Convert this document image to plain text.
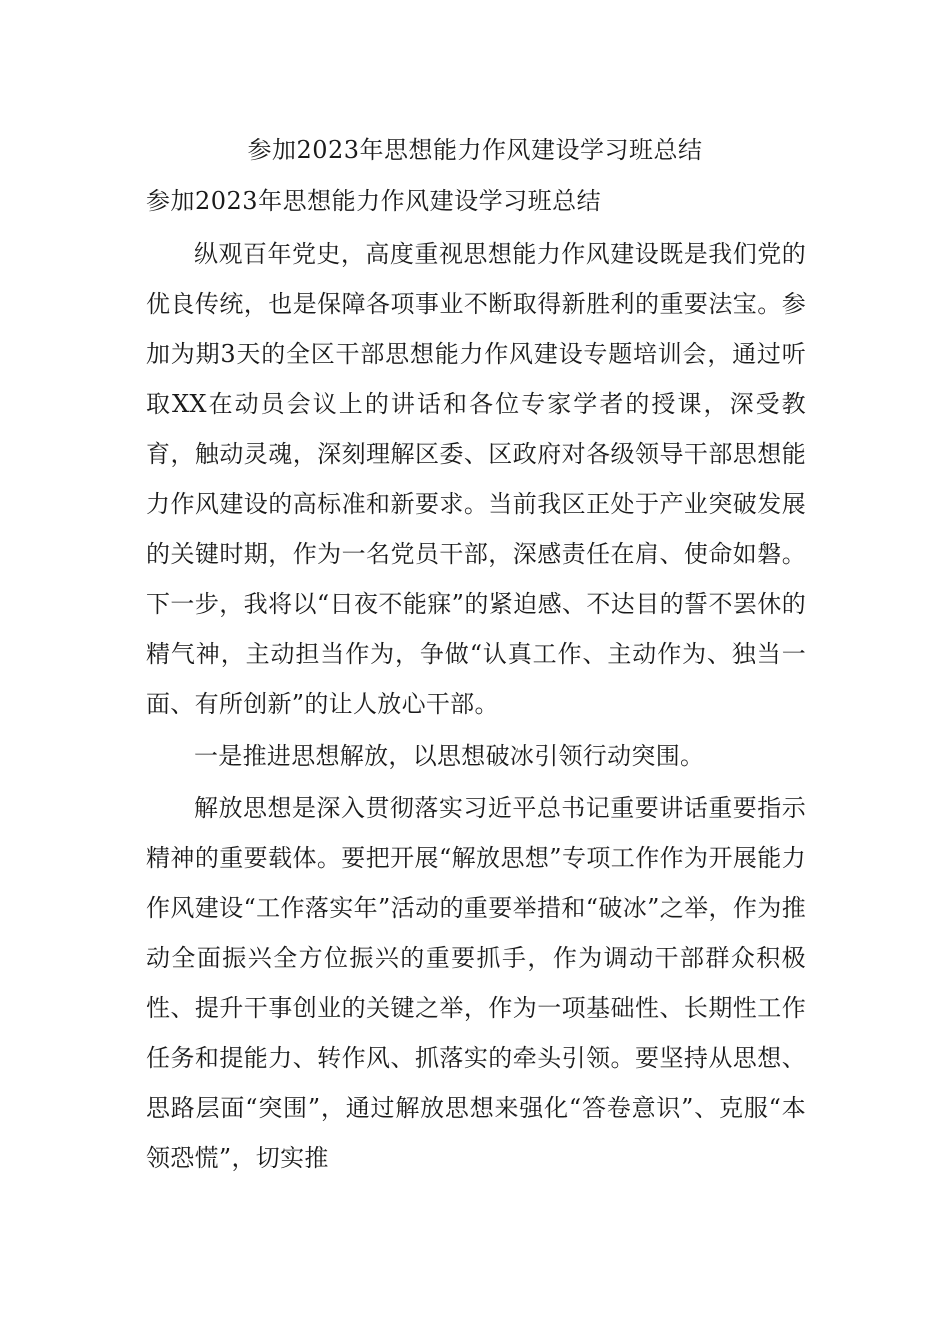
参加2023年思想能力作风建设学习班总结
参加2023年思想能力作风建设学习班总结

纵观百年党史，高度重视思想能力作风建设既是我们党的优良传统，也是保障各项事业不断取得新胜利的重要法宝。参加为期3天的全区干部思想能力作风建设专题培训会，通过听取XX在动员会议上的讲话和各位专家学者的授课，深受教育，触动灵魂，深刻理解区委、区政府对各级领导干部思想能力作风建设的高标准和新要求。当前我区正处于产业突破发展的关键时期，作为一名党员干部，深感责任在肩、使命如磐。下一步，我将以“日夜不能寐”的紧迫感、不达目的誓不罢休的精气神，主动担当作为，争做“认真工作、主动作为、独当一面、有所创新”的让人放心干部。

一是推进思想解放，以思想破冰引领行动突围。

解放思想是深入贯彻落实习近平总书记重要讲话重要指示精神的重要载体。要把开展“解放思想”专项工作作为开展能力作风建设“工作落实年”活动的重要举措和“破冰”之举，作为推动全面振兴全方位振兴的重要抓手，作为调动干部群众积极性、提升干事创业的关键之举，作为一项基础性、长期性工作任务和提能力、转作风、抓落实的牵头引领。要坚持从思想、思路层面“突围”，通过解放思想来强化“答卷意识”、克服“本领恐慌”，切实推
